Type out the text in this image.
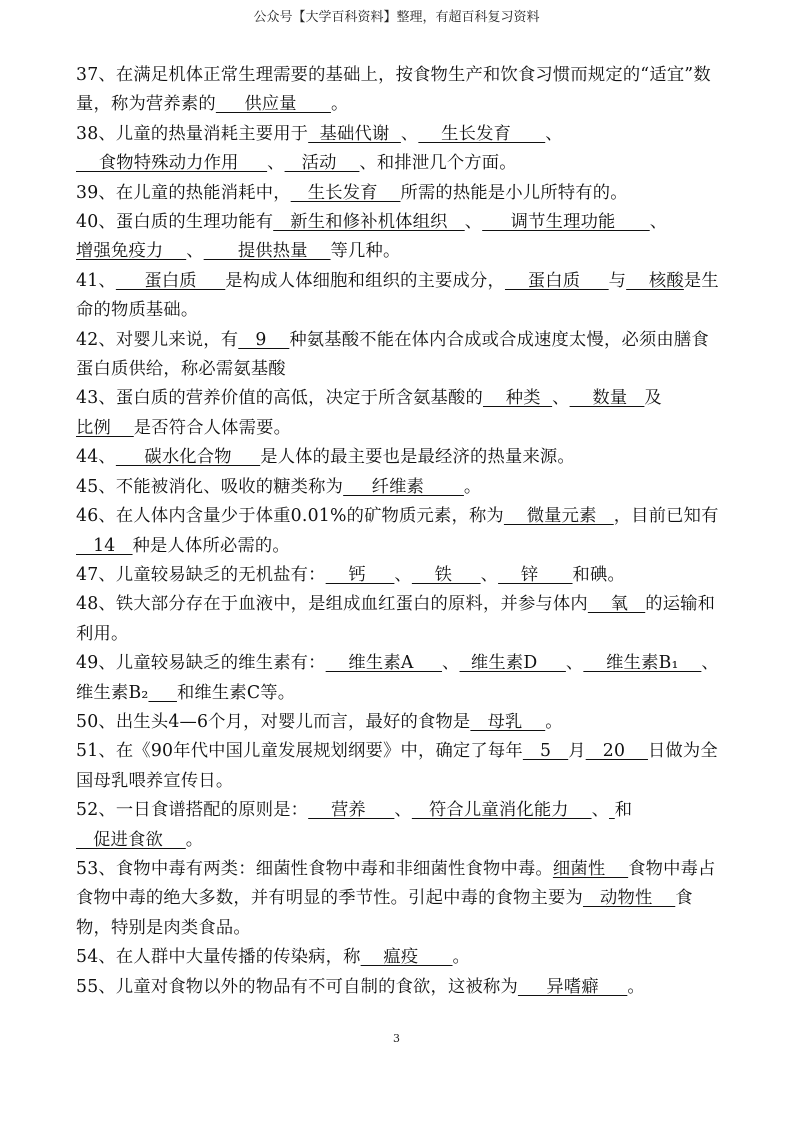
公众号【大学百科资料】整理，有超百科复习资料

37、在满足机体正常生理需要的基础上，按食物生产和饮食习惯而规定的“适宜”数量，称为营养素的     供应量      。

38、儿童的热量消耗主要用于  基础代谢  、    生长发育      、    食物特殊动力作用     、   活动    、和排泄几个方面。

39、在儿童的热能消耗中，   生长发育    所需的热能是小儿所特有的。

40、蛋白质的生理功能有   新生和修补机体组织   、     调节生理功能      、增强免疫力    、      提供热量    等几种。

41、     蛋白质     是构成人体细胞和组织的主要成分，    蛋白质     与    核酸是生命的物质基础。

42、对婴儿来说，有   9    种氨基酸不能在体内合成或合成速度太慢，必须由膳食蛋白质供给，称必需氨基酸

43、蛋白质的营养价值的高低，决定于所含氨基酸的    种类  、    数量   及比例    是否符合人体需要。

44、     碳水化合物     是人体的最主要也是最经济的热量来源。

45、不能被消化、吸收的糖类称为     纤维素       。

46、在人体内含量少于体重0.01%的矿物质元素，称为    微量元素   ，目前已知有   14   种是人体所必需的。

47、儿童较易缺乏的无机盐有：    钙     、    铁     、    锌      和碘。

48、铁大部分存在于血液中，是组成血红蛋白的原料，并参与体内    氧   的运输和利用。

49、儿童较易缺乏的维生素有：    维生素A     、  维生素D     、    维生素B₁    、维生素B₂ 和维生素C等。

50、出生头4—6个月，对婴儿而言，最好的食物是   母乳    。

51、在《90年代中国儿童发展规划纲要》中，确定了每年   5   月   20    日做为全国母乳喂养宣传日。

52、一日食谱搭配的原则是：    营养     、   符合儿童消化能力    、 和   促进食欲    。

53、食物中毒有两类：细菌性食物中毒和非细菌性食物中毒。细菌性    食物中毒占食物中毒的绝大多数，并有明显的季节性。引起中毒的食物主要为   动物性    食物，特别是肉类食品。

54、在人群中大量传播的传染病，称    瘟疫      。

55、儿童对食物以外的物品有不可自制的食欲，这被称为     异嗜癖     。

3
